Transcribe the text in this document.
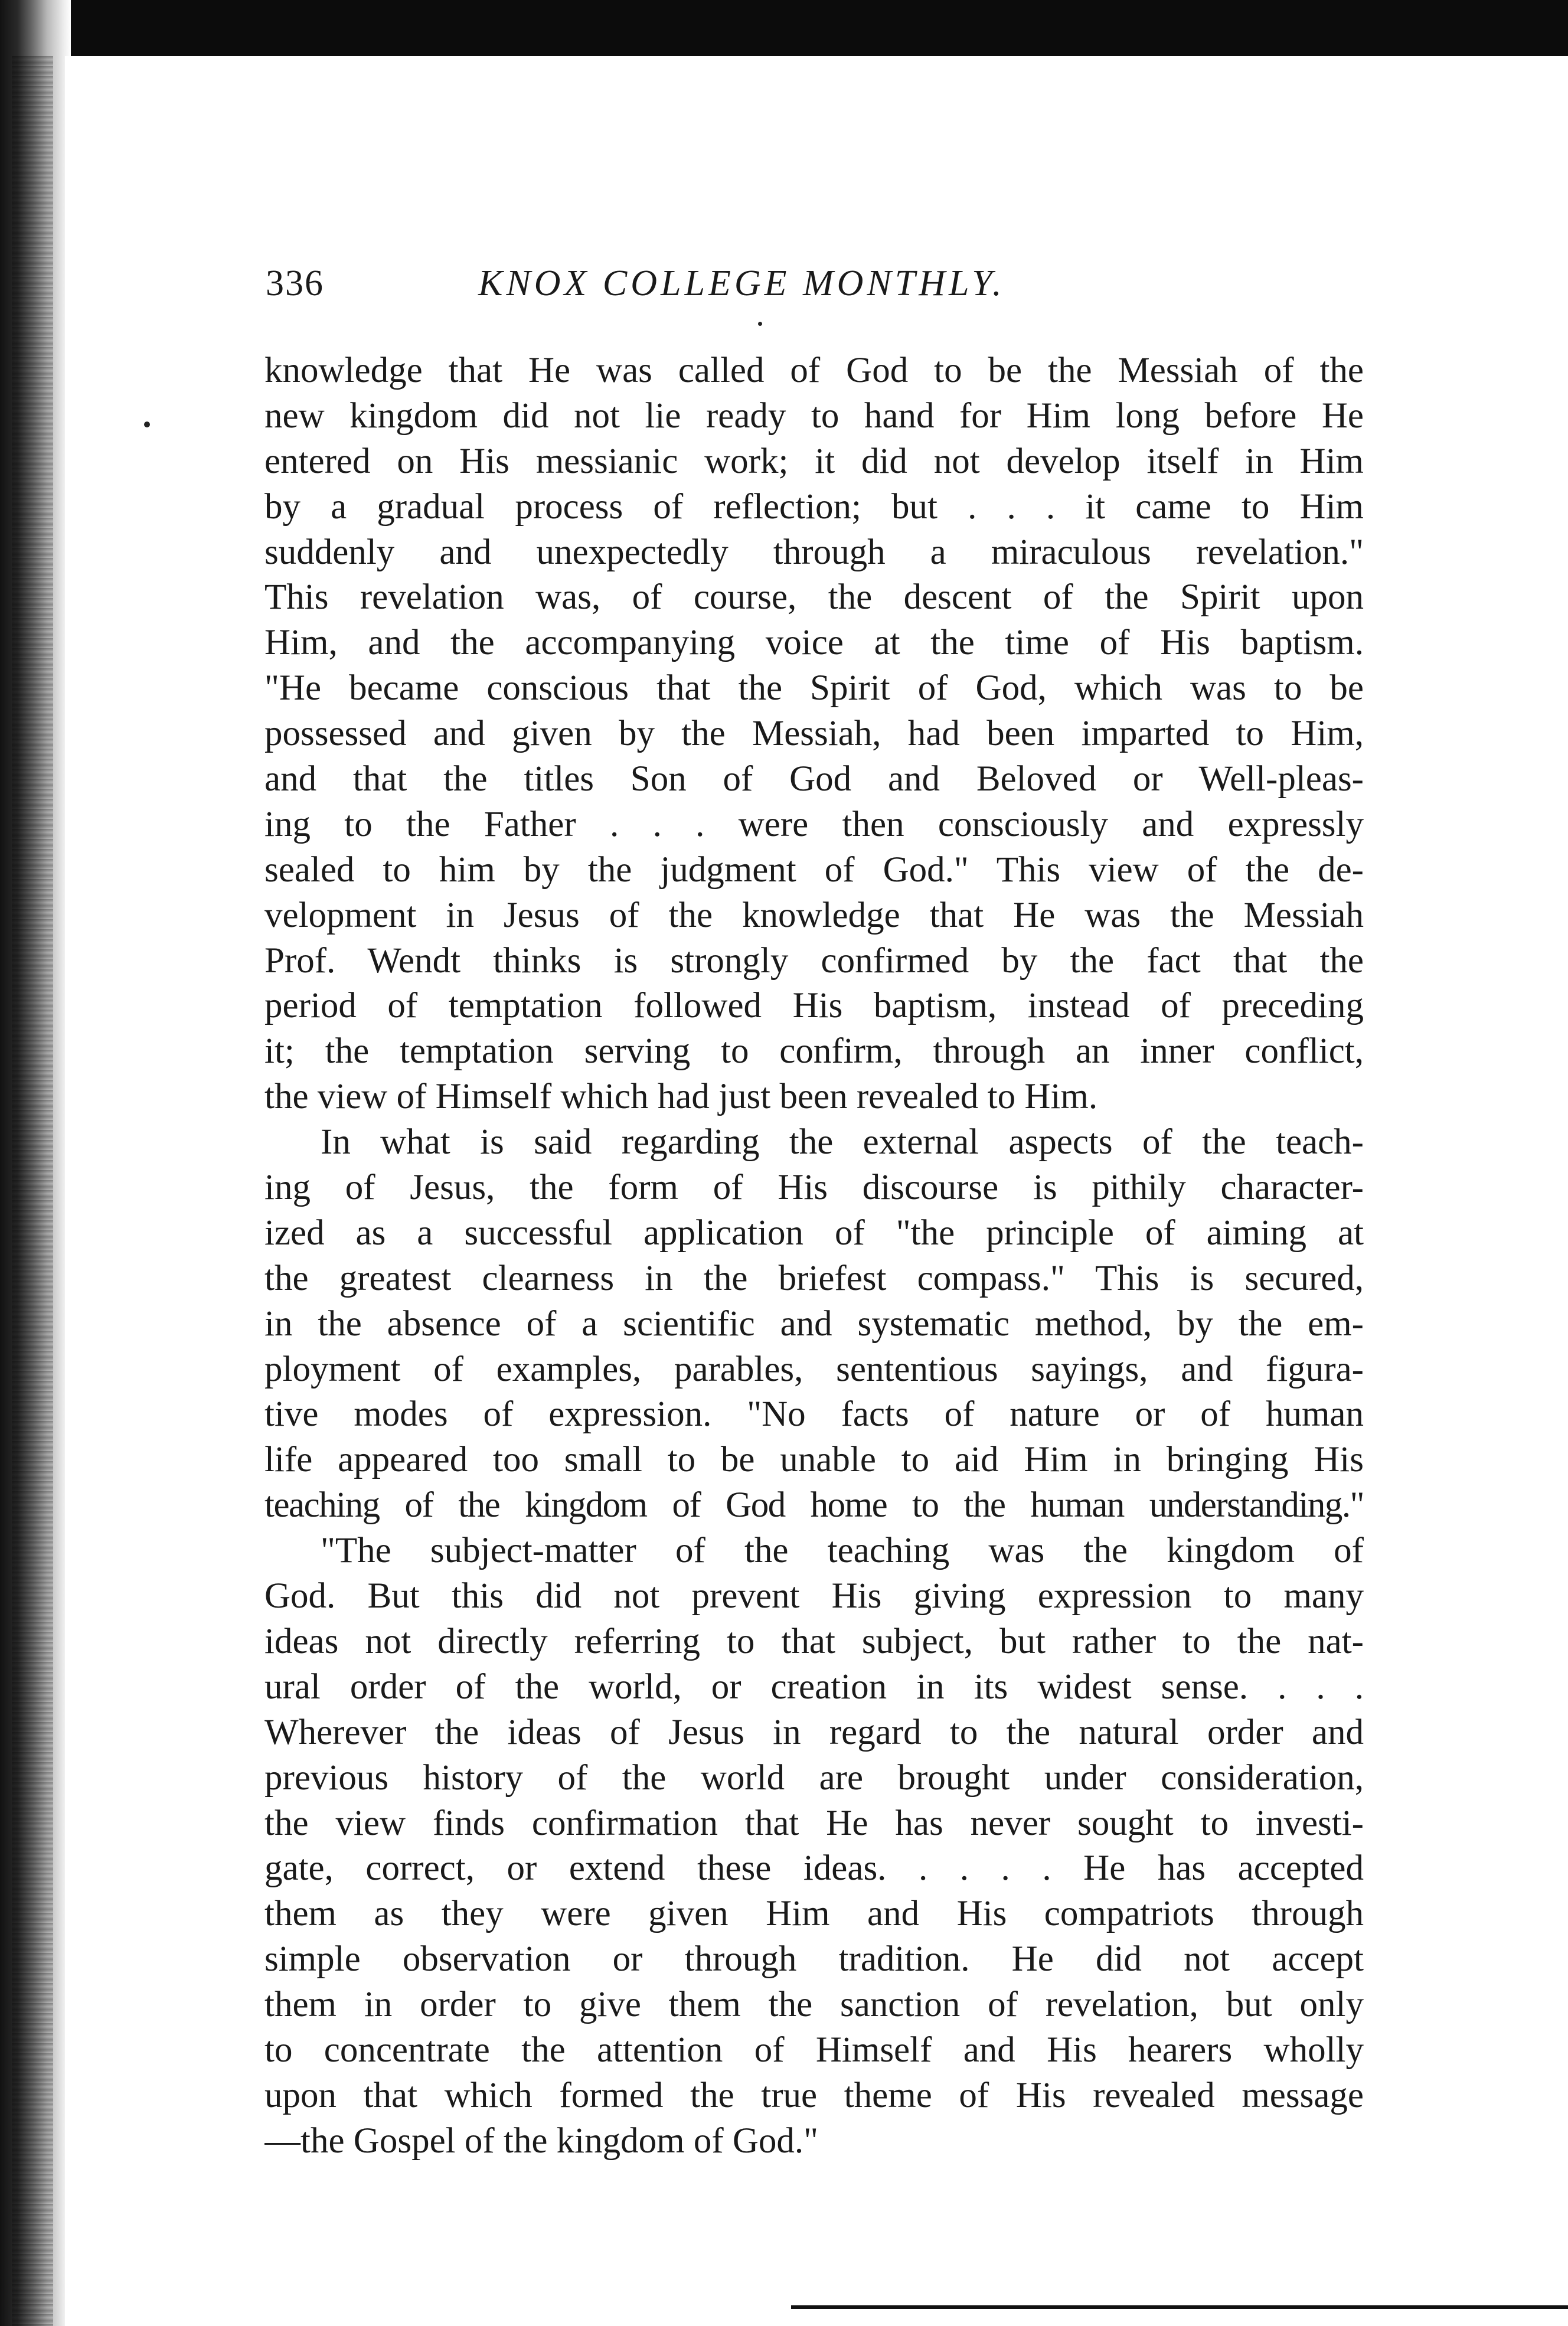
336	KNOX COLLEGE MONTHLY.
knowledge that He was called of God to be the Messiah of the
new kingdom did not lie ready to hand for Him long before He
entered on His messianic work; it did not develop itself in Him
by a gradual process of reflection; but . . . it came to Him
suddenly and unexpectedly through a miraculous revelation."
This revelation was, of course, the descent of the Spirit upon
Him, and the accompanying voice at the time of His baptism.
"He became conscious that the Spirit of God, which was to be
possessed and given by the Messiah, had been imparted to Him,
and that the titles Son of God and Beloved or Well-pleas-
ing to the Father . . . were then consciously and expressly
sealed to him by the judgment of God." This view of the de-
velopment in Jesus of the knowledge that He was the Messiah
Prof. Wendt thinks is strongly confirmed by the fact that the
period of temptation followed His baptism, instead of preceding
it; the temptation serving to confirm, through an inner conflict,
the view of Himself which had just been revealed to Him.
In what is said regarding the external aspects of the teach-
ing of Jesus, the form of His discourse is pithily character-
ized as a successful application of "the principle of aiming at
the greatest clearness in the briefest compass." This is secured,
in the absence of a scientific and systematic method, by the em-
ployment of examples, parables, sententious sayings, and figura-
tive modes of expression. "No facts of nature or of human
life appeared too small to be unable to aid Him in bringing His
teaching of the kingdom of God home to the human understanding."
"The subject-matter of the teaching was the kingdom of
God. But this did not prevent His giving expression to many
ideas not directly referring to that subject, but rather to the nat-
ural order of the world, or creation in its widest sense. . . .
Wherever the ideas of Jesus in regard to the natural order and
previous history of the world are brought under consideration,
the view finds confirmation that He has never sought to investi-
gate, correct, or extend these ideas. . . . . He has accepted
them as they were given Him and His compatriots through
simple observation or through tradition. He did not accept
them in order to give them the sanction of revelation, but only
to concentrate the attention of Himself and His hearers wholly
upon that which formed the true theme of His revealed message
—the Gospel of the kingdom of God."
